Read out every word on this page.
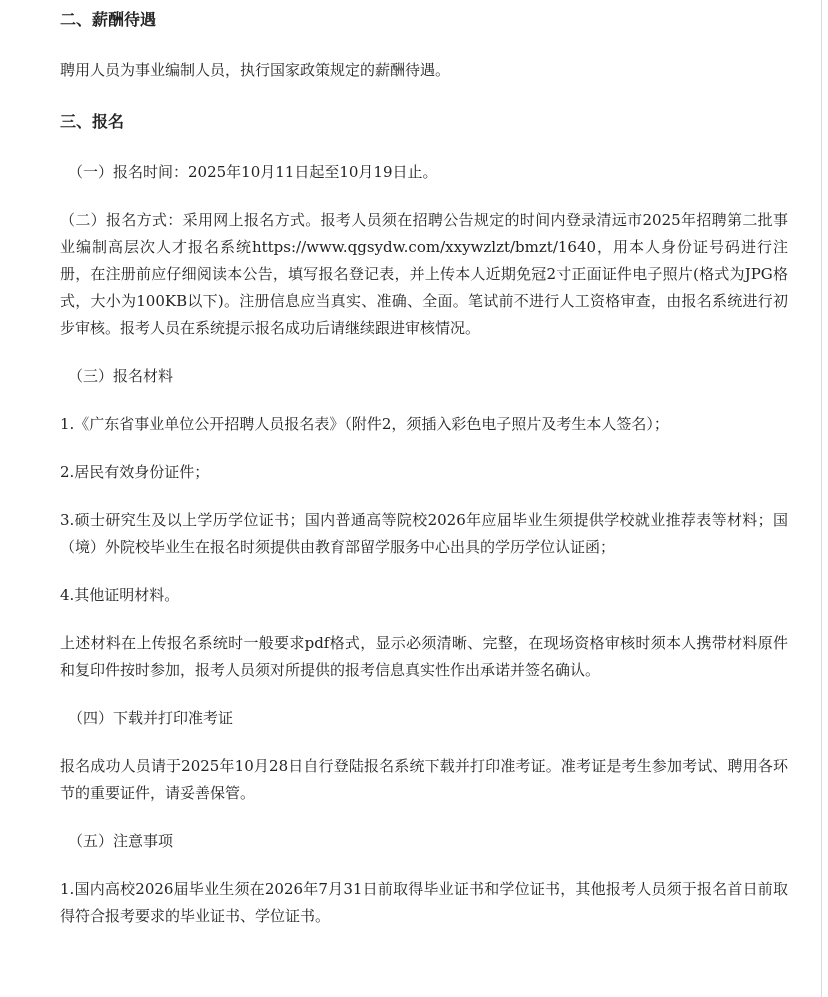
二、薪酬待遇

聘用人员为事业编制人员，执行国家政策规定的薪酬待遇。

三、报名

（一）报名时间：2025年10月11日起至10月19日止。

（二）报名方式：采用网上报名方式。报考人员须在招聘公告规定的时间内登录清远市2025年招聘第二批事业编制高层次人才报名系统https://www.qgsydw.com/xxywzlzt/bmzt/1640，用本人身份证号码进行注册，在注册前应仔细阅读本公告，填写报名登记表，并上传本人近期免冠2寸正面证件电子照片(格式为JPG格式，大小为100KB以下)。注册信息应当真实、准确、全面。笔试前不进行人工资格审查，由报名系统进行初步审核。报考人员在系统提示报名成功后请继续跟进审核情况。

（三）报名材料

1.《广东省事业单位公开招聘人员报名表》（附件2，须插入彩色电子照片及考生本人签名）；

2.居民有效身份证件；

3.硕士研究生及以上学历学位证书；国内普通高等院校2026年应届毕业生须提供学校就业推荐表等材料；国（境）外院校毕业生在报名时须提供由教育部留学服务中心出具的学历学位认证函；

4.其他证明材料。

上述材料在上传报名系统时一般要求pdf格式，显示必须清晰、完整，在现场资格审核时须本人携带材料原件和复印件按时参加，报考人员须对所提供的报考信息真实性作出承诺并签名确认。

（四）下载并打印准考证

报名成功人员请于2025年10月28日自行登陆报名系统下载并打印准考证。准考证是考生参加考试、聘用各环节的重要证件，请妥善保管。

（五）注意事项

1.国内高校2026届毕业生须在2026年7月31日前取得毕业证书和学位证书，其他报考人员须于报名首日前取得符合报考要求的毕业证书、学位证书。
